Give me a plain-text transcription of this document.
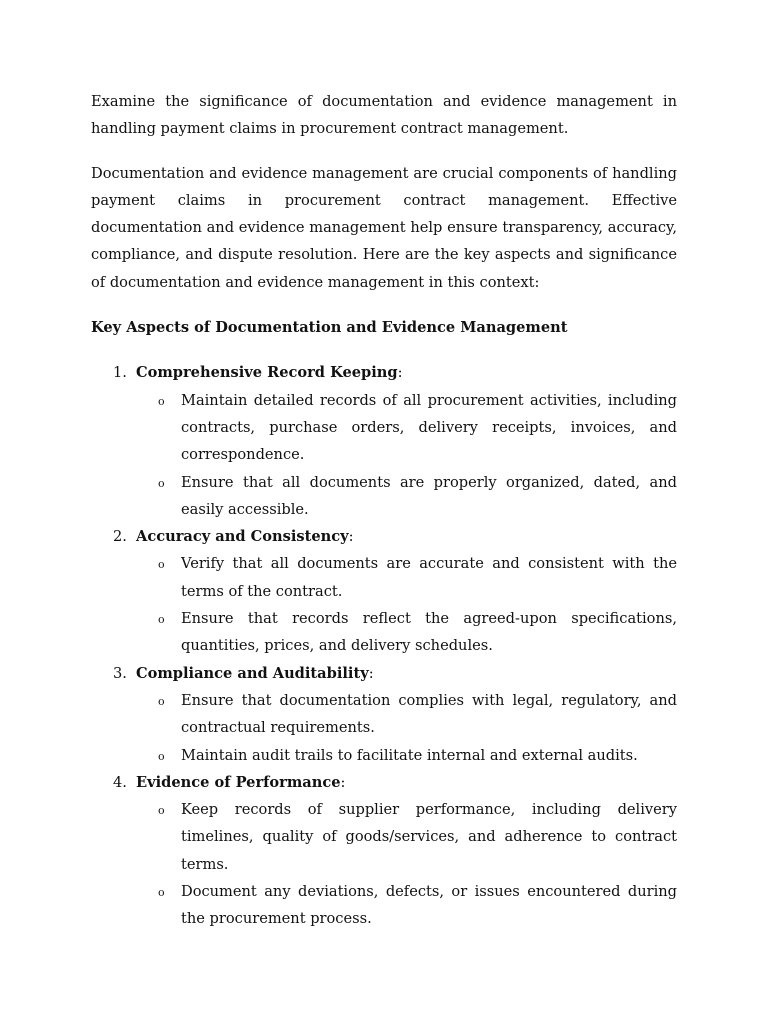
Examine the significance of documentation and evidence management in handling payment claims in procurement contract management.

Documentation and evidence management are crucial components of handling payment claims in procurement contract management. Effective documentation and evidence management help ensure transparency, accuracy, compliance, and dispute resolution. Here are the key aspects and significance of documentation and evidence management in this context:

Key Aspects of Documentation and Evidence Management

1. Comprehensive Record Keeping:
o Maintain detailed records of all procurement activities, including contracts, purchase orders, delivery receipts, invoices, and correspondence.
o Ensure that all documents are properly organized, dated, and easily accessible.
2. Accuracy and Consistency:
o Verify that all documents are accurate and consistent with the terms of the contract.
o Ensure that records reflect the agreed-upon specifications, quantities, prices, and delivery schedules.
3. Compliance and Auditability:
o Ensure that documentation complies with legal, regulatory, and contractual requirements.
o Maintain audit trails to facilitate internal and external audits.
4. Evidence of Performance:
o Keep records of supplier performance, including delivery timelines, quality of goods/services, and adherence to contract terms.
o Document any deviations, defects, or issues encountered during the procurement process.
